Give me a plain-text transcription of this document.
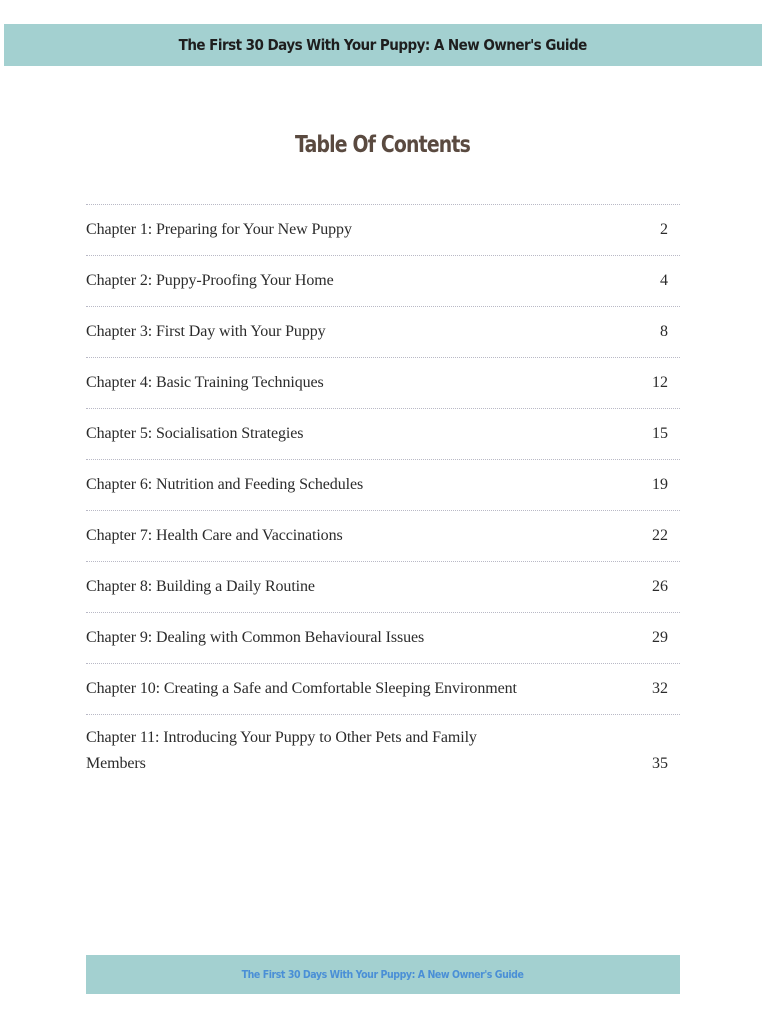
The First 30 Days With Your Puppy: A New Owner's Guide
Table Of Contents
Chapter 1: Preparing for Your New Puppy	2
Chapter 2: Puppy-Proofing Your Home	4
Chapter 3: First Day with Your Puppy	8
Chapter 4: Basic Training Techniques	12
Chapter 5: Socialisation Strategies	15
Chapter 6: Nutrition and Feeding Schedules	19
Chapter 7: Health Care and Vaccinations	22
Chapter 8: Building a Daily Routine	26
Chapter 9: Dealing with Common Behavioural Issues	29
Chapter 10: Creating a Safe and Comfortable Sleeping Environment	32
Chapter 11: Introducing Your Puppy to Other Pets and Family Members	35
The First 30 Days With Your Puppy: A New Owner's Guide
